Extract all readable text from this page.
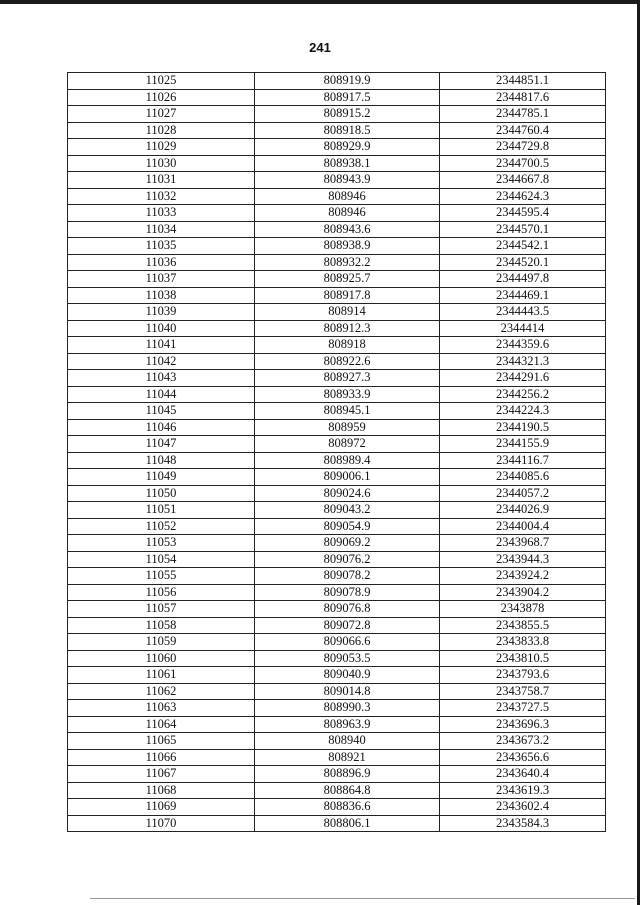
241
11025	808919.9	2344851.1
11026	808917.5	2344817.6
11027	808915.2	2344785.1
11028	808918.5	2344760.4
11029	808929.9	2344729.8
11030	808938.1	2344700.5
11031	808943.9	2344667.8
11032	808946	2344624.3
11033	808946	2344595.4
11034	808943.6	2344570.1
11035	808938.9	2344542.1
11036	808932.2	2344520.1
11037	808925.7	2344497.8
11038	808917.8	2344469.1
11039	808914	2344443.5
11040	808912.3	2344414
11041	808918	2344359.6
11042	808922.6	2344321.3
11043	808927.3	2344291.6
11044	808933.9	2344256.2
11045	808945.1	2344224.3
11046	808959	2344190.5
11047	808972	2344155.9
11048	808989.4	2344116.7
11049	809006.1	2344085.6
11050	809024.6	2344057.2
11051	809043.2	2344026.9
11052	809054.9	2344004.4
11053	809069.2	2343968.7
11054	809076.2	2343944.3
11055	809078.2	2343924.2
11056	809078.9	2343904.2
11057	809076.8	2343878
11058	809072.8	2343855.5
11059	809066.6	2343833.8
11060	809053.5	2343810.5
11061	809040.9	2343793.6
11062	809014.8	2343758.7
11063	808990.3	2343727.5
11064	808963.9	2343696.3
11065	808940	2343673.2
11066	808921	2343656.6
11067	808896.9	2343640.4
11068	808864.8	2343619.3
11069	808836.6	2343602.4
11070	808806.1	2343584.3
